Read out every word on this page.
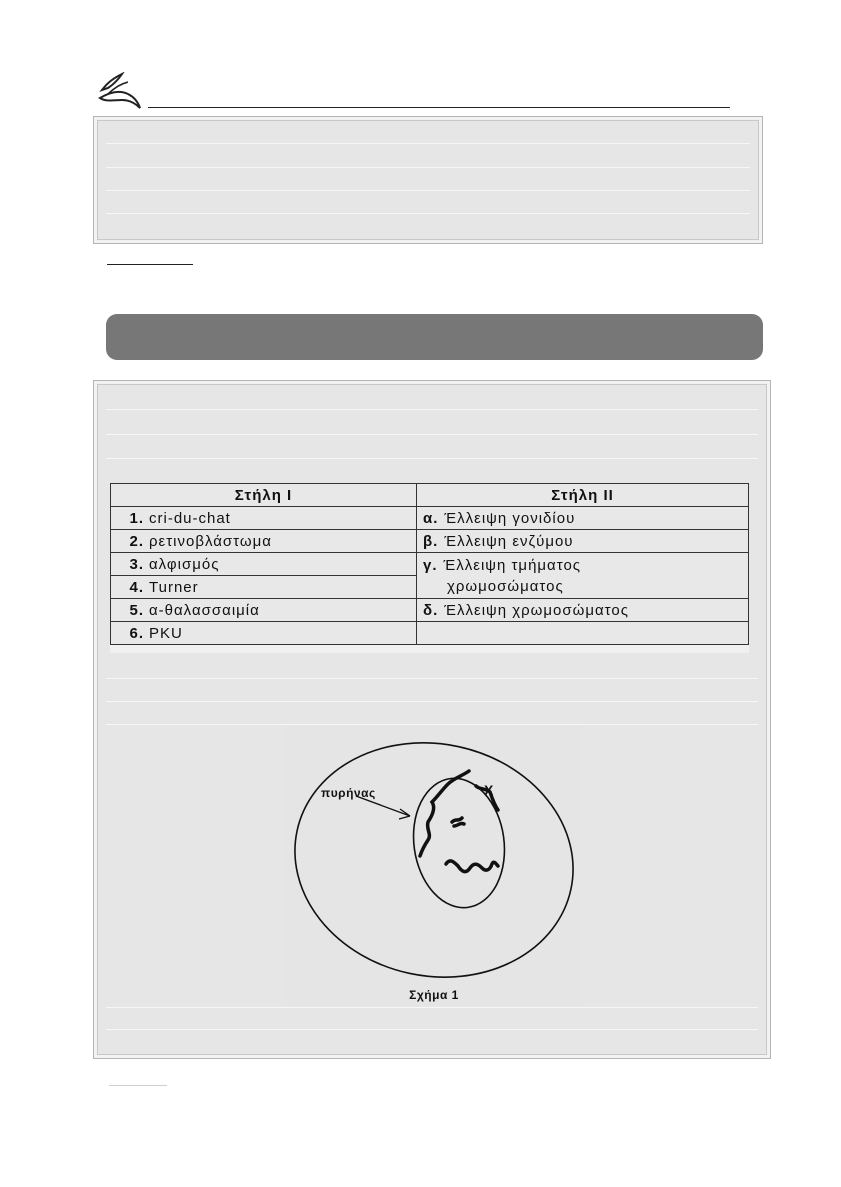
Στήλη I	Στήλη II
1. cri-du-chat	α. Έλλειψη γονιδίου
2. ρετινοβλάστωμα	β. Έλλειψη ενζύμου
3. αλφισμός	γ. Έλλειψη τμήματος
χρωμοσώματος
4. Turner	
5. α-θαλασσαιμία	δ. Έλλειψη χρωμοσώματος
6. PKU	
πυρήνας	X
Σχήμα 1
